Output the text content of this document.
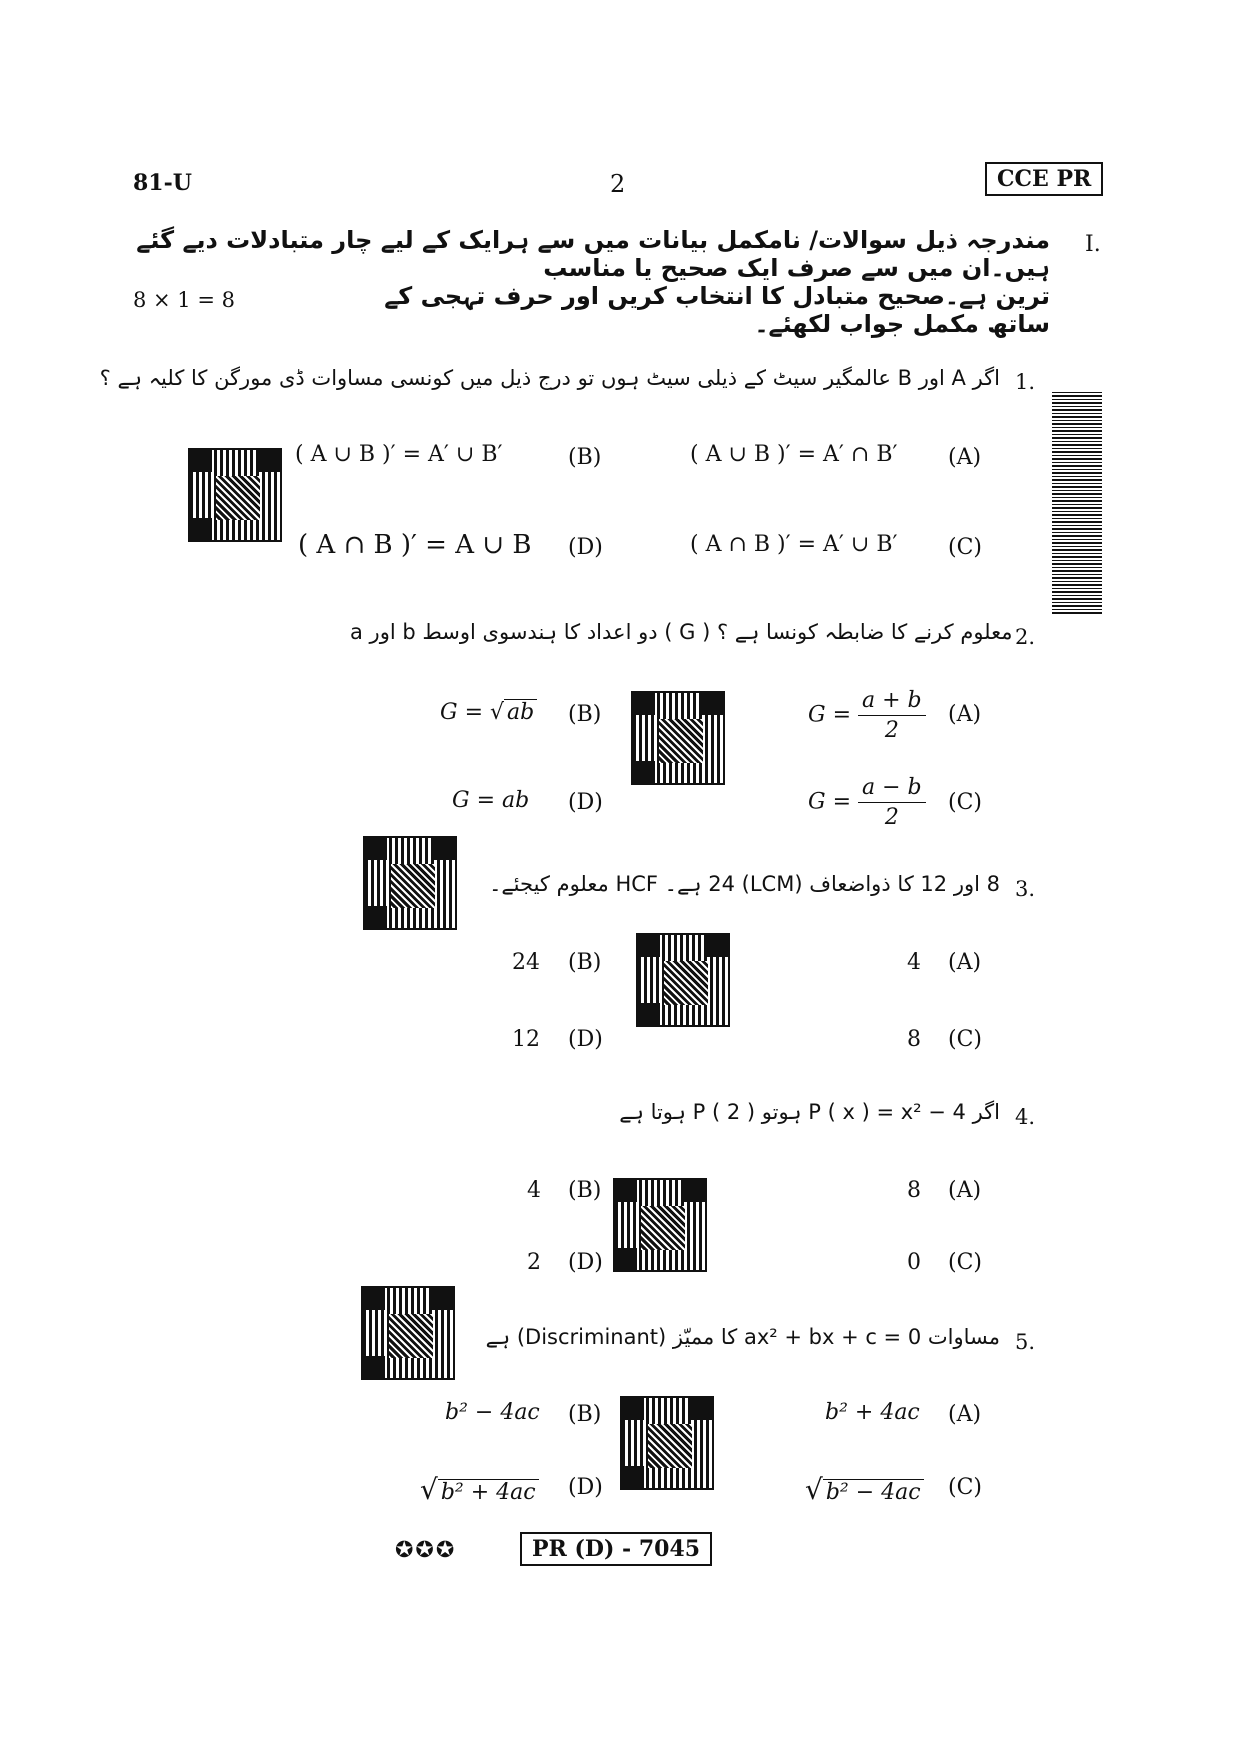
81-U	2	CCE PR
I.
مندرجہ ذیل سوالات/ نامکمل بیانات میں سے ہرایک کے لیے چار متبادلات دیے گئے ہیں۔ان میں سے صرف ایک صحیح یا مناسب
ترین ہے۔صحیح متبادل کا انتخاب کریں اور حرف تہجی کے ساتھ مکمل جواب لکھئے۔
8 × 1 = 8
1.
اگر A اور B عالمگیر سیٹ کے ذیلی سیٹ ہوں تو درج ذیل میں کونسی مساوات ڈی مورگن کا کلیہ ہے ؟
(A)
( A ∪ B )′ = A′ ∩ B′
(B)
( A ∪ B )′ = A′ ∪ B′
(C)
( A ∩ B )′ = A′ ∪ B′
(D)
( A ∩ B )′ = A ∪ B
2.
a اور b دو اعداد کا ہندسوی اوسط ( G ) معلوم کرنے کا ضابطہ کونسا ہے ؟
(A)
$G = \frac{a + b}{2}$
(B)
G = √ ab
(C)
$G = \frac{a - b}{2}$
(D)
G = ab
3.
8 اور 12 کا ذواضعاف (LCM) 24 ہے۔ HCF معلوم کیجئے۔
(A)
4
(B)
24
(C)
8
(D)
12
4.
اگر P ( x ) = x² − 4 ہوتو P ( 2 ) ہوتا ہے
(A)
8
(B)
4
(C)
0
(D)
2
5.
مساوات ax² + bx + c = 0 کا ممیّز (Discriminant) ہے
(A)
b² + 4ac
(B)
b² − 4ac
(C)
√ b² − 4ac
(D)
√ b² + 4ac
✪✪✪	PR (D) - 7045
